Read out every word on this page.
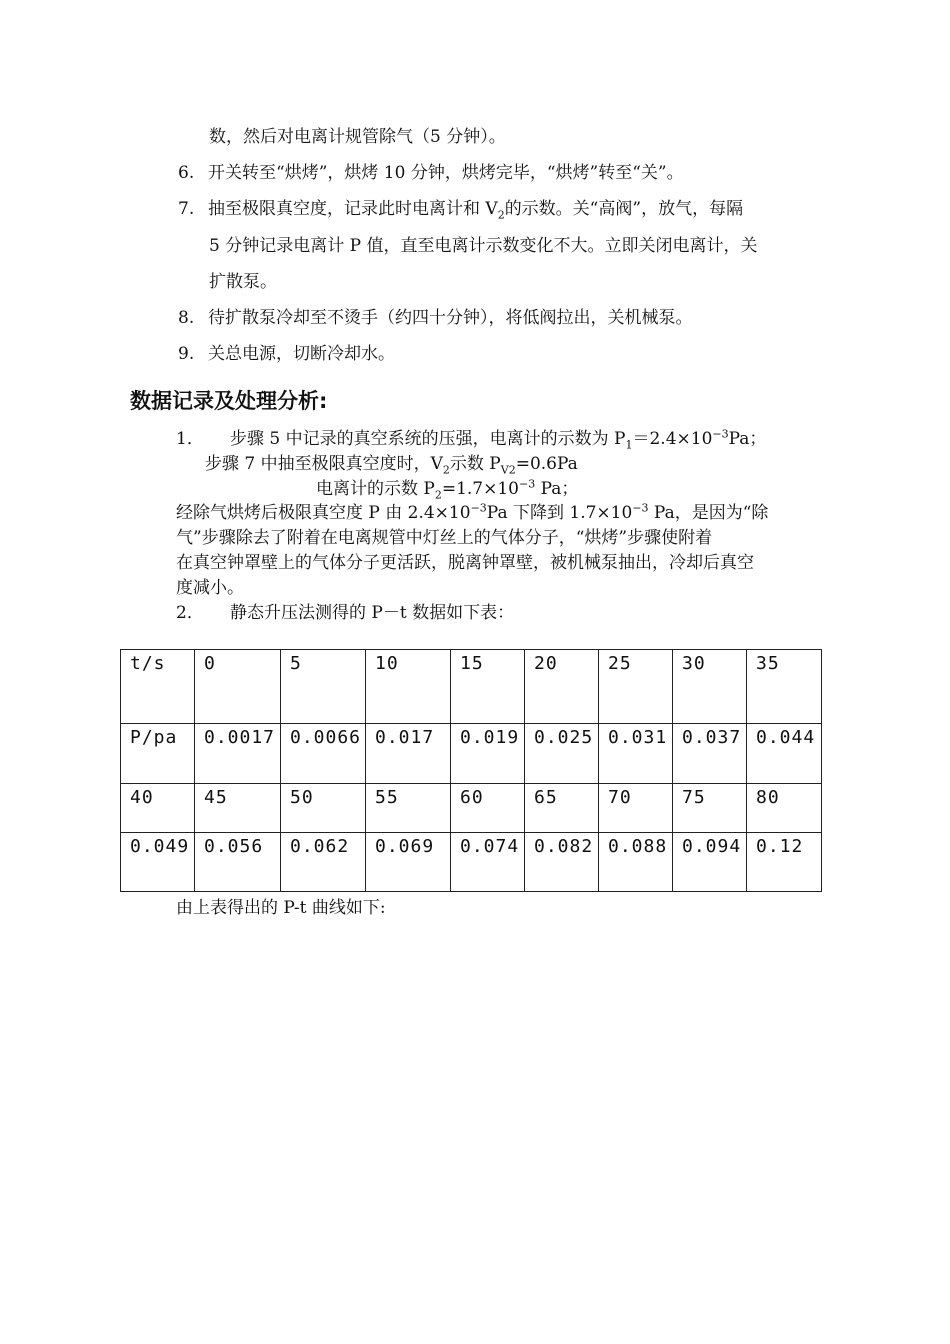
数，然后对电离计规管除气（5 分钟）。
6. 开关转至“烘烤”，烘烤 10 分钟，烘烤完毕，“烘烤”转至“关”。
7. 抽至极限真空度，记录此时电离计和 $V_2$的示数。关“高阀”，放气，每隔
5 分钟记录电离计 P 值，直至电离计示数变化不大。立即关闭电离计，关
扩散泵。
8. 待扩散泵冷却至不烫手（约四十分钟），将低阀拉出，关机械泵。
9. 关总电源，切断冷却水。
数据记录及处理分析:
1． 步骤 5 中记录的真空系统的压强，电离计的示数为 $P_1=2.4\times 10^{-3}Pa$；
步骤 7 中抽至极限真空度时，$V_2$示数 $P_{V2}=0.6Pa$
电离计的示数 $P_2=1.7\times 10^{-3}$ Pa；
经除气烘烤后极限真空度 P 由 $2.4\times 10^{-3}Pa$ 下降到 $1.7\times 10^{-3}$ Pa，是因为“除
气”步骤除去了附着在电离规管中灯丝上的气体分子，“烘烤”步骤使附着
在真空钟罩壁上的气体分子更活跃，脱离钟罩壁，被机械泵抽出，冷却后真空
度减小。
2． 静态升压法测得的 P－t 数据如下表：
t/s	0	5	10	15	20	25	30	35
P/pa	0.0017	0.0066	0.017	0.019	0.025	0.031	0.037	0.044
40	45	50	55	60	65	70	75	80
0.049	0.056	0.062	0.069	0.074	0.082	0.088	0.094	0.12
由上表得出的 P-t 曲线如下:
